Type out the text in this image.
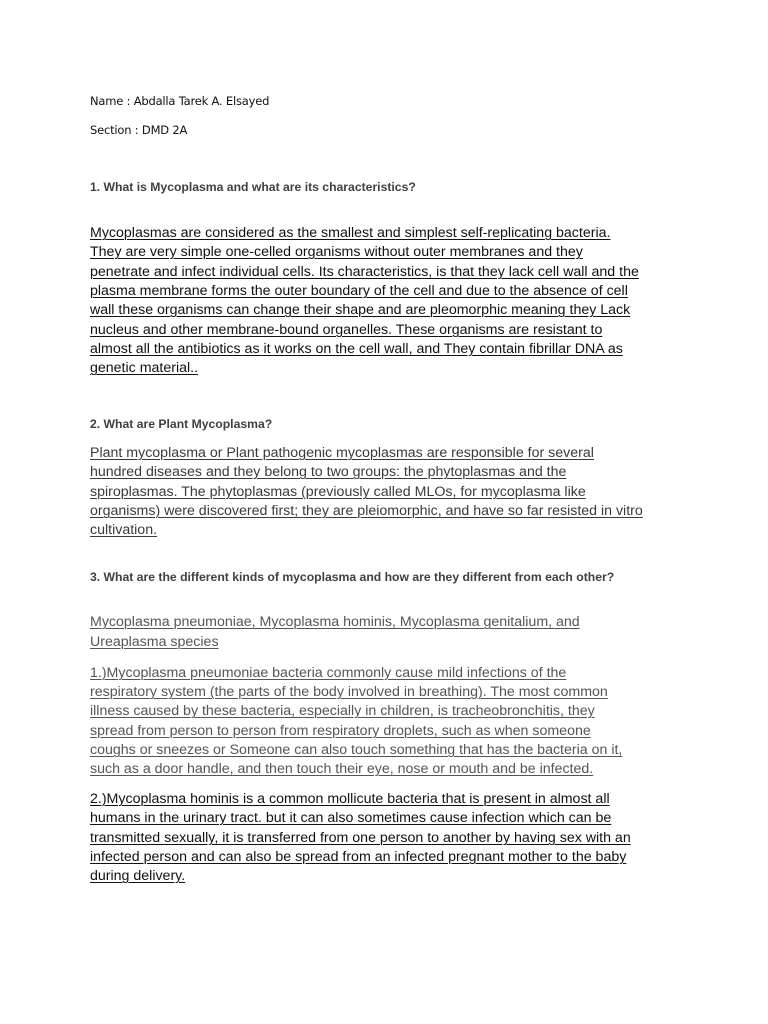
Name : Abdalla Tarek A. Elsayed

Section : DMD 2A

1. What is Mycoplasma and what are its characteristics?

Mycoplasmas are considered as the smallest and simplest self-replicating bacteria.

They are very simple one-celled organisms without outer membranes and they

penetrate and infect individual cells. Its characteristics, is that they lack cell wall and the

plasma membrane forms the outer boundary of the cell and due to the absence of cell

wall these organisms can change their shape and are pleomorphic meaning they Lack

nucleus and other membrane-bound organelles. These organisms are resistant to

almost all the antibiotics as it works on the cell wall, and They contain fibrillar DNA as

genetic material..

2. What are Plant Mycoplasma?

Plant mycoplasma or Plant pathogenic mycoplasmas are responsible for several

hundred diseases and they belong to two groups: the phytoplasmas and the

spiroplasmas. The phytoplasmas (previously called MLOs, for mycoplasma like

organisms) were discovered first; they are pleiomorphic, and have so far resisted in vitro

cultivation.

3. What are the different kinds of mycoplasma and how are they different from each other?

Mycoplasma pneumoniae, Mycoplasma hominis, Mycoplasma genitalium, and

Ureaplasma species

1.)Mycoplasma pneumoniae bacteria commonly cause mild infections of the

respiratory system (the parts of the body involved in breathing). The most common

illness caused by these bacteria, especially in children, is tracheobronchitis, they

spread from person to person from respiratory droplets, such as when someone

coughs or sneezes or Someone can also touch something that has the bacteria on it,

such as a door handle, and then touch their eye, nose or mouth and be infected.

2.)Mycoplasma hominis is a common mollicute bacteria that is present in almost all

humans in the urinary tract. but it can also sometimes cause infection which can be

transmitted sexually, it is transferred from one person to another by having sex with an

infected person and can also be spread from an infected pregnant mother to the baby

during delivery.
